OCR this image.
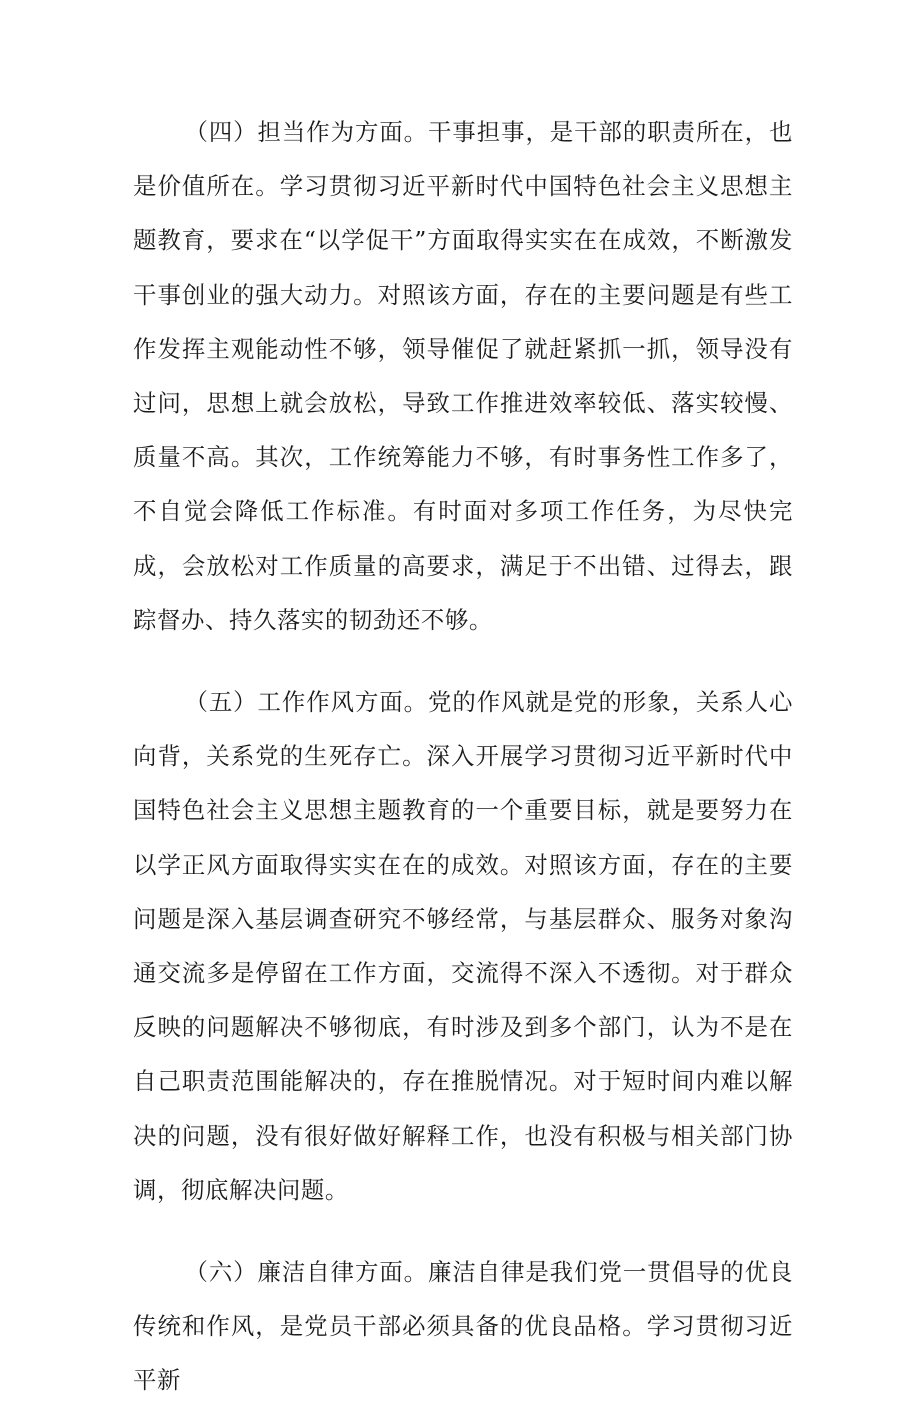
（四）担当作为方面。干事担事，是干部的职责所在，也是价值所在。学习贯彻习近平新时代中国特色社会主义思想主题教育，要求在“以学促干”方面取得实实在在成效，不断激发干事创业的强大动力。对照该方面，存在的主要问题是有些工作发挥主观能动性不够，领导催促了就赶紧抓一抓，领导没有过问，思想上就会放松，导致工作推进效率较低、落实较慢、质量不高。其次，工作统筹能力不够，有时事务性工作多了，不自觉会降低工作标准。有时面对多项工作任务，为尽快完成，会放松对工作质量的高要求，满足于不出错、过得去，跟踪督办、持久落实的韧劲还不够。

（五）工作作风方面。党的作风就是党的形象，关系人心向背，关系党的生死存亡。深入开展学习贯彻习近平新时代中国特色社会主义思想主题教育的一个重要目标，就是要努力在以学正风方面取得实实在在的成效。对照该方面，存在的主要问题是深入基层调查研究不够经常，与基层群众、服务对象沟通交流多是停留在工作方面，交流得不深入不透彻。对于群众反映的问题解决不够彻底，有时涉及到多个部门，认为不是在自己职责范围能解决的，存在推脱情况。对于短时间内难以解决的问题，没有很好做好解释工作，也没有积极与相关部门协调，彻底解决问题。

（六）廉洁自律方面。廉洁自律是我们党一贯倡导的优良传统和作风，是党员干部必须具备的优良品格。学习贯彻习近平新
